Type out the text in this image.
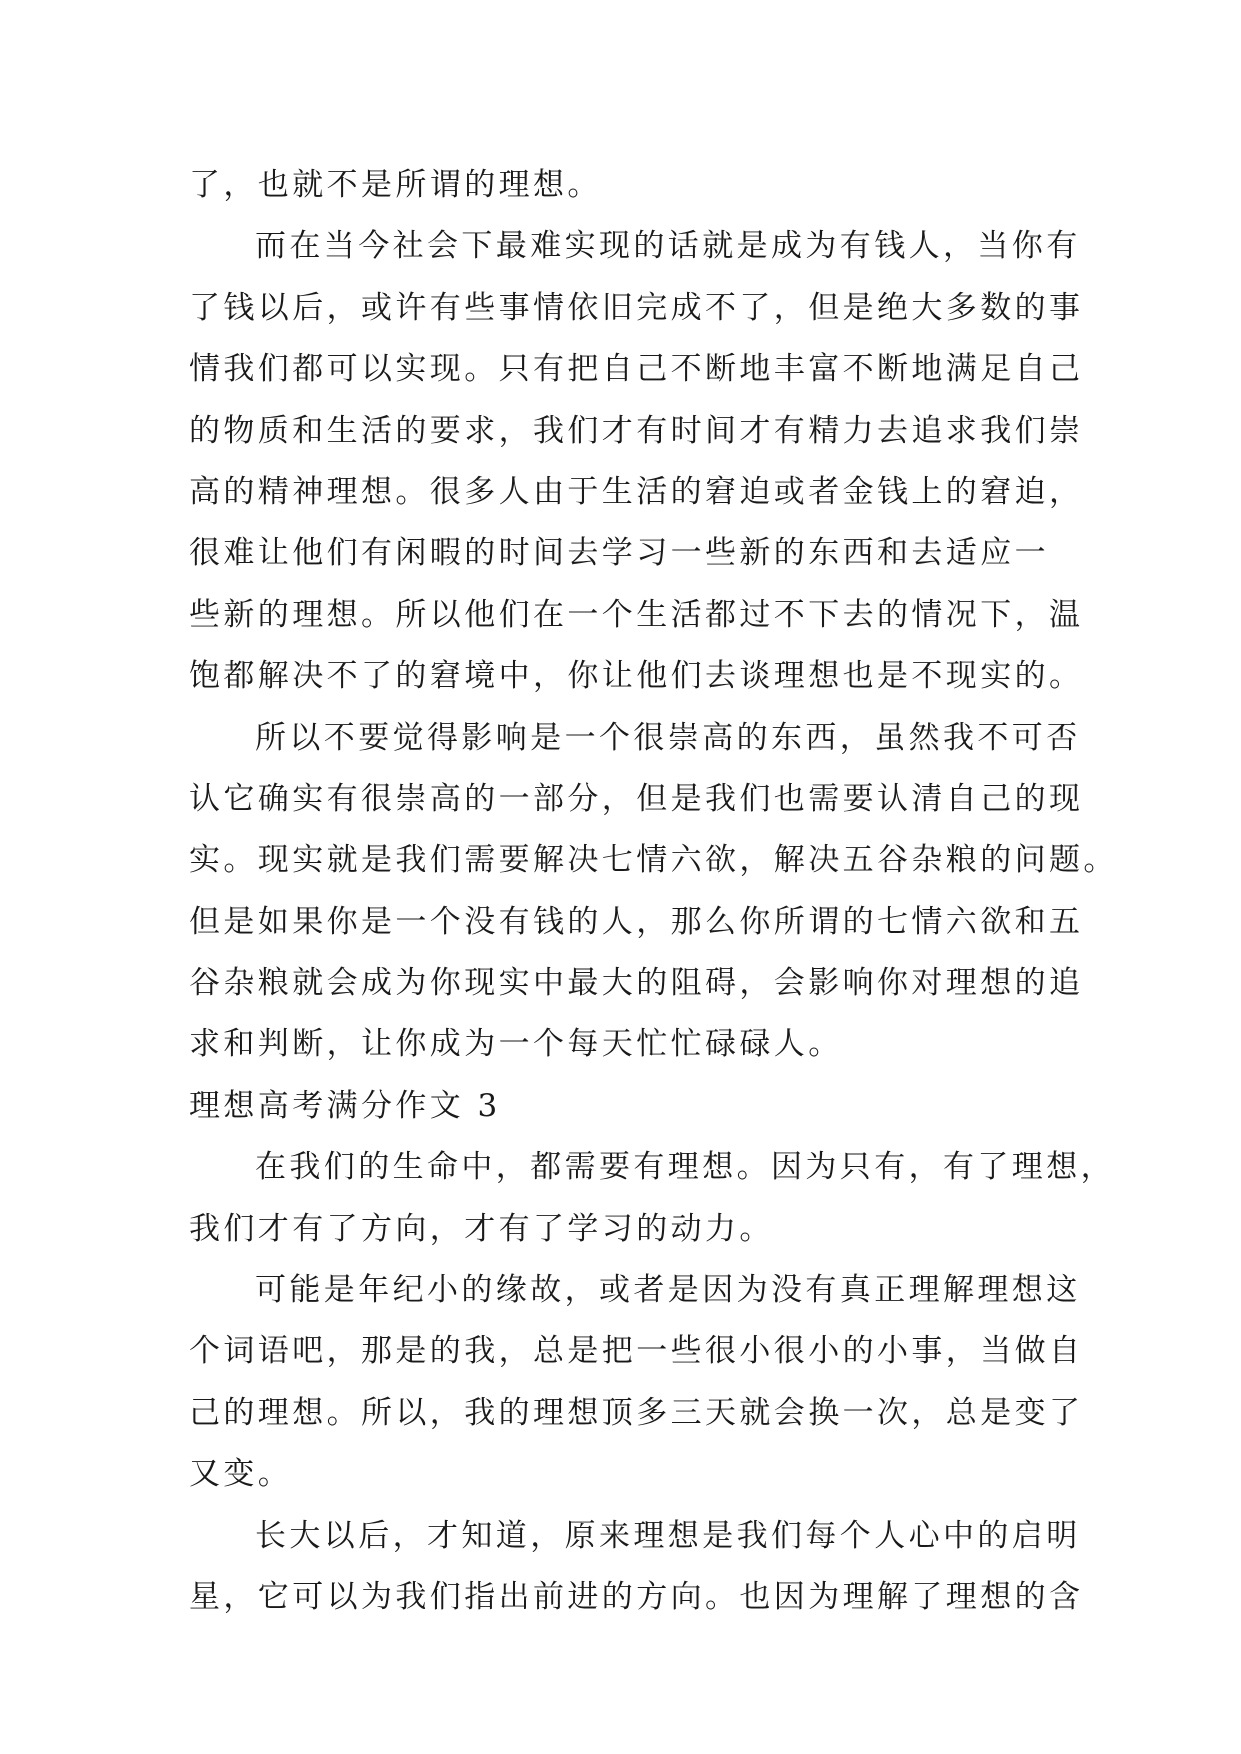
了，也就不是所谓的理想。
而在当今社会下最难实现的话就是成为有钱人，当你有
了钱以后，或许有些事情依旧完成不了，但是绝大多数的事
情我们都可以实现。只有把自己不断地丰富不断地满足自己
的物质和生活的要求，我们才有时间才有精力去追求我们崇
高的精神理想。很多人由于生活的窘迫或者金钱上的窘迫，
很难让他们有闲暇的时间去学习一些新的东西和去适应一
些新的理想。所以他们在一个生活都过不下去的情况下，温
饱都解决不了的窘境中，你让他们去谈理想也是不现实的。
所以不要觉得影响是一个很崇高的东西，虽然我不可否
认它确实有很崇高的一部分，但是我们也需要认清自己的现
实。现实就是我们需要解决七情六欲，解决五谷杂粮的问题。
但是如果你是一个没有钱的人，那么你所谓的七情六欲和五
谷杂粮就会成为你现实中最大的阻碍，会影响你对理想的追
求和判断，让你成为一个每天忙忙碌碌人。
理想高考满分作文 3
在我们的生命中，都需要有理想。因为只有，有了理想，
我们才有了方向，才有了学习的动力。
可能是年纪小的缘故，或者是因为没有真正理解理想这
个词语吧，那是的我，总是把一些很小很小的小事，当做自
己的理想。所以，我的理想顶多三天就会换一次，总是变了
又变。
长大以后，才知道，原来理想是我们每个人心中的启明
星，它可以为我们指出前进的方向。也因为理解了理想的含
